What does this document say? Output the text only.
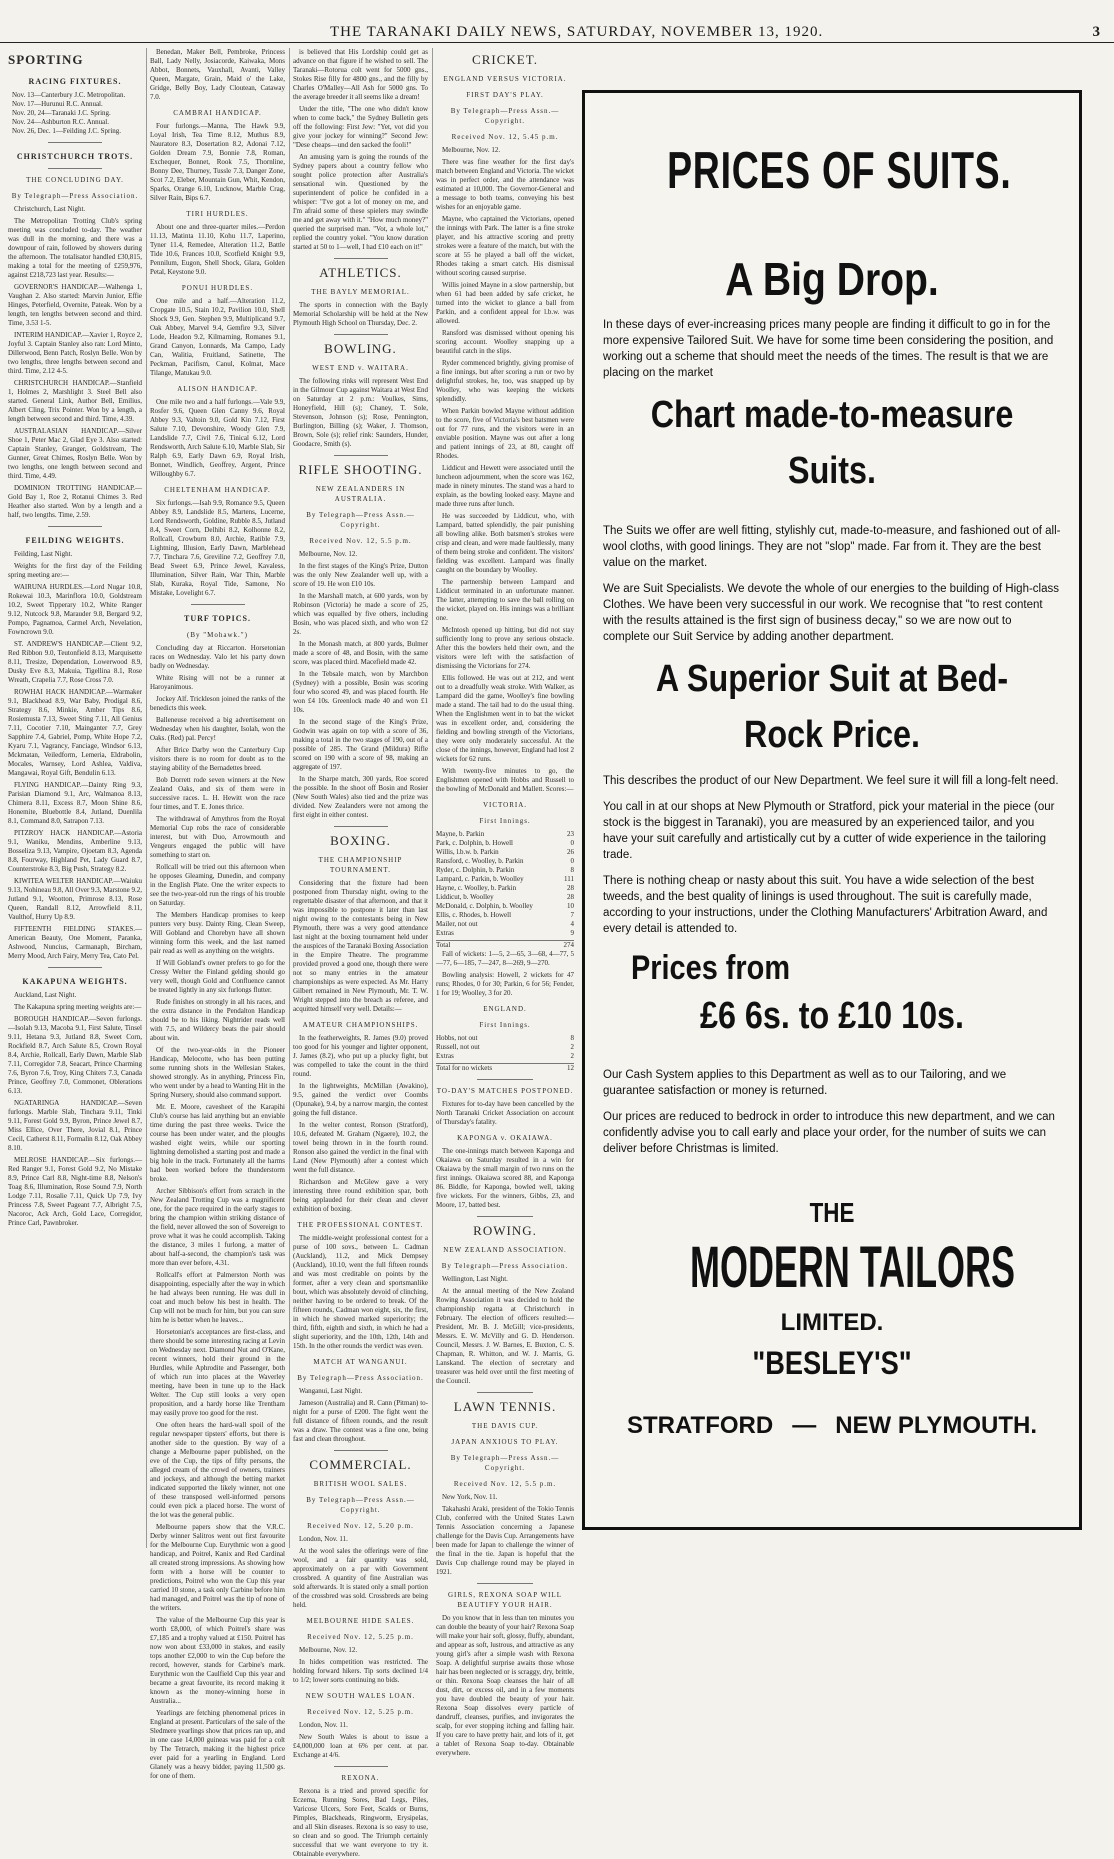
THE TARANAKI DAILY NEWS, SATURDAY, NOVEMBER 13, 1920.	3
SPORTING
RACING FIXTURES.
Nov. 13—Canterbury J.C. Metropolitan.
Nov. 17—Hurunui R.C. Annual.
Nov. 20, 24—Taranaki J.C. Spring.
Nov. 24—Ashburton R.C. Annual.
Nov. 26, Dec. 1—Feilding J.C. Spring.
CHRISTCHURCH TROTS.
THE CONCLUDING DAY.
By Telegraph—Press Association.

Christchurch, Last Night.

The Metropolitan Trotting Club's spring meeting was concluded to-day. The weather was dull in the morning, and there was a downpour of rain, followed by showers during the afternoon. The totalisator handled £30,815, making a total for the meeting of £259,976, against £218,723 last year. Results:—

GOVERNOR'S HANDICAP.—Walhenga 1, Vaughan 2. Also started: Marvin Junior, Effie Hinges, Peterfield, Overnite, Pateak. Won by a length, ten lengths between second and third. Time, 3.53 1-5.

INTERIM HANDICAP.—Xavier 1, Royce 2, Joyful 3. Captain Stanley also ran: Lord Minto, Dillerwood, Benn Patch, Roslyn Belle. Won by two lengths, three lengths between second and third. Time, 2.12 4-5.

CHRISTCHURCH HANDICAP.—Stanfield 1, Holmes 2, Marshlight 3. Steel Bell also started. General Link, Author Bell, Emilius, Albert Cling, Trix Pointer. Won by a length, a length between second and third. Time, 4.39.

AUSTRALASIAN HANDICAP.—Silver Shoe 1, Peter Mac 2, Glad Eye 3. Also started: Captain Stanley, Granger, Goldstream, The Gunner, Great Chimes, Roslyn Belle. Won by two lengths, one length between second and third. Time, 4.49.

DOMINION TROTTING HANDICAP.—Gold Bay 1, Roe 2, Rotanui Chimes 3. Red Heather also started. Won by a length and a half, two lengths. Time, 2.59.

FEILDING WEIGHTS.

Feilding, Last Night.

Weights for the first day of the Feilding spring meeting are:—

WAIRUNA HURDLES.—Lord Nugar 10.8, Rokewai 10.3, Marinflora 10.0, Goldstream 10.2, Sweet Tipperary 10.2, White Ranger 9.12, Nutcock 9.8, Marauder 9.8, Bergard 9.2, Pompo, Pagnamoa, Carmel Arch, Nevelation, Fowncrown 9.0.

ST. ANDREW'S HANDICAP.—Client 9.2, Red Ribbon 9.0, Teutonfield 8.13, Marquisette 8.11, Tresize, Dependation, Lowerwood 8.9, Dusky Eve 8.3, Makuia, Tigellina 8.1, Rose Wreath, Crapelia 7.7, Rose Cross 7.0.

ROWHAI HACK HANDICAP.—Warmaker 9.1, Blackhead 8.9, War Baby, Prodigal 8.6, Strategy 8.6, Minkie, Amber Tips 8.6, Rosiemusta 7.13, Sweet Sting 7.11, All Genius 7.11, Cocotier 7.10, Mainganter 7.7, Grey Sapphire 7.4, Gabriel, Pomp, White Hope 7.2, Kyaru 7.1, Vagrancy, Fanciage, Windsor 6.13, Mckmatan, Veiledform, Lemeria, Eldrabolin, Mocales, Warnsey, Lord Ashlea, Valdiva, Mangawai, Royal Gift, Bendulin 6.13.

FLYING HANDICAP.—Dainty Ring 9.3, Parisian Diamond 9.1, Arc, Walmanoa 8.13, Chimera 8.11, Excess 8.7, Moon Shine 8.6, Honemite, Bluebottle 8.4, Jutland, Duenlila 8.1, Command 8.0, Satrapon 7.13.

PITZROY HACK HANDICAP.—Astoria 9.1, Waniku, Mendins, Amberline 9.13, Bosseliza 9.13, Vampire, Ojoetam 8.3, Agenda 8.8, Fourway, Highland Pet, Lady Guard 8.7, Counterstroke 8.3, Big Push, Strategy 8.2.

KIWITEA WELTER HANDICAP.—Waiuku 9.13, Nohineau 9.8, All Over 9.3, Marstone 9.2, Jutland 9.1, Wootton, Primrose 8.13, Rose Queen, Randall 8.12, Arrowfield 8.11, Vaulthof, Hurry Up 8.9.

FIFTEENTH FIELDING STAKES.—American Beauty, One Moment, Paranka, Ashwood, Nuncius, Carmanaph, Bircham, Merry Mood, Arch Fairy, Merry Tea, Cato Pel.

KAKAPUNA WEIGHTS.

Auckland, Last Night.

The Kakapuna spring meeting weights are:—

BOROUGH HANDICAP.—Seven furlongs.—Isolah 9.13, Macoba 9.1, First Salute, Tinsel 9.11, Hetana 9.3, Jutland 8.8, Sweet Corn, Rockfield 8.7, Arch Salute 8.5, Crown Royal 8.4, Archie, Rollcall, Early Dawn, Marble Slab 7.11, Corregidor 7.8, Seacart, Prince Charming 7.6, Byron 7.6, Troy, King Chiters 7.3, Canada Prince, Geoffrey 7.0, Commonet, Oblerations 6.13.

NGATARINGA HANDICAP.—Seven furlongs. Marble Slab, Tinchara 9.11, Tinki 9.11, Forest Gold 9.9, Byron, Prince Jewel 8.7, Miss Ellice, Over There, Jovial 8.1, Prince Cecil, Catherst 8.11, Formalin 8.12, Oak Abbey 8.10.

MELROSE HANDICAP.—Six furlongs.—Red Ranger 9.1, Forest Gold 9.2, No Mistake 8.9, Prince Carl 8.8, Night-time 8.8, Nelson's Toag 8.6, Illumination, Rose Sound 7.9, North Lodge 7.11, Rosalie 7.11, Quick Up 7.9, Ivy Princess 7.8, Sweet Pageant 7.7, Albright 7.5, Nacoroc, Ack Arch, Gold Lace, Corregidor, Prince Carl, Pawnbroker.

Benedan, Maker Bell, Pembroke, Princess Ball, Lady Nelly, Josiacorde, Kaiwaka, Mons Abbot, Bonnets, Vauxhall, Avanti, Valley Queen, Margate, Grain, Maid o' the Lake, Gridge, Belly Boy, Lady Cloutean, Cataway 7.0.

CAMBRAI HANDICAP.

Four furlongs.—Manna, The Hawk 9.9, Loyal Irish, Tea Time 8.12, Muthus 8.9, Nauratore 8.3, Dosertation 8.2, Adonai 7.12, Golden Dream 7.9, Bonnie 7.8, Roman, Exchequer, Bonnet, Rook 7.5, Thornline, Bonny Dee, Thurney, Tussle 7.3, Danger Zone, Scot 7.2, Eleber, Mountain Gun, Whit, Kendon, Sparks, Orange 6.10, Lucknow, Marble Crag, Silver Rain, Bips 6.7.

TIRI HURDLES.

About one and three-quarter miles.—Perdon 11.13, Matinta 11.10, Kohu 11.7, Laperino, Tyner 11.4, Remedee, Alteration 11.2, Battle Tide 10.6, Frances 10.0, Scotfield Knight 9.9, Pennilum, Eugon, Shell Shock, Glara, Golden Petal, Keystone 9.0.

PONUI HURDLES.

One mile and a half.—Alteration 11.2, Cropgate 10.5, Stain 10.2, Pavilion 10.0, Shell Shock 9.9, Gen. Stephen 9.9, Multiplicand 9.7, Oak Abbey, Marvel 9.4, Gemfire 9.3, Silver Lode, Headon 9.2, Kilmarning, Romanes 9.1, Grand Canyon, Lonnards, Ma Campo, Lady Can, Walitia, Fruitland, Satinette, The Peckman, Pacifism, Canul, Kolmat, Mace Tilange, Matukau 9.0.

ALISON HANDICAP.

One mile two and a half furlongs.—Vale 9.9, Rosfer 9.6, Queen Glen Canny 9.6, Royal Abbey 9.3, Valtoin 9.0, Gold Kin 7.12, First Salute 7.10, Devonshire, Woody Glen 7.9, Landslide 7.7, Civil 7.6, Tinical 6.12, Lord Rendsworth, Arch Salute 6.10, Marble Slab, Sir Ralph 6.9, Early Dawn 6.9, Royal Irish, Bonnet, Windlich, Geoffrey, Argent, Prince Willoughby 6.7.

CHELTENHAM HANDICAP.

Six furlongs.—Isah 9.9, Romance 9.5, Queen Abbey 8.9, Landslide 8.5, Martens, Lucerne, Lord Rendsworth, Goldine, Rubble 8.5, Jutland 8.4, Sweet Corn, Delhibi 8.2, Kolhonne 8.2, Rollcall, Crowburn 8.0, Archie, Ratible 7.9, Lightning, Illusion, Early Dawn, Marblehead 7.7, Tinchara 7.6, Greviline 7.2, Geoffrey 7.0, Bead Sweet 6.9, Prince Jewel, Kavaless, Illumination, Silver Rain, War Thin, Marble Slab, Kuraka, Royal Tide, Samone, No Mistake, Lovelight 6.7.

TURF TOPICS.
(By "Mohawk.")

Concluding day at Riccarton. Horsetonian races on Wednesday. Valo let his party down badly on Wednesday.

White Rising will not be a runner at Haroyanimous.

Jockey Alf. Trickleson joined the ranks of the benedicts this week.

Balleneuse received a big advertisement on Wednesday when his daughter, Isolah, won the Oaks. (Red) pal. Percy!

After Brice Darby won the Canterbury Cup visitors there is no room for doubt as to the staying ability of the Bernadettes breed.

Bob Dorrett rode seven winners at the New Zealand Oaks, and six of them were in successive races. L. H. Hewitt won the race four times, and T. E. Jones thrice.

The withdrawal of Amythros from the Royal Memorial Cup robs the race of considerable interest, but with Duo, Arrowmouth and Vengeurs engaged the public will have something to start on.

Rollcall will be tried out this afternoon when he opposes Gleaming, Dunedin, and company in the English Plate. One the writer expects to see the two-year-old run the rings of his trouble on Saturday.

The Members Handicap promises to keep punters very busy. Dainty Ring, Clean Sweep, Will Gobland and Chorebyn have all shown winning form this week, and the last named pair read as well as anything on the weights.

If Will Gobland's owner prefers to go for the Cressy Welter the Finland gelding should go very well, though Gold and Confluence cannot be treated lightly in any six furlongs flutter.

Rude finishes on strongly in all his races, and the extra distance in the Pendalton Handicap should be to his liking. Nightrider reads well with 7.5, and Wildercy beats the pair should about win.

Of the two-year-olds in the Pioneer Handicap, Melocotte, who has been putting some running shots in the Wellesian Stakes, showed strongly. As in anything, Princess Fin, who went under by a head to Wanting Hit in the Spring Nursery, should also command support.

Mr. E. Moore, cavesheet of the Karapihi Club's course has laid anything but an enviable time during the past three weeks. Twice the course has been under water, and the ploughs washed eight weirs, while our sporting lightning demolished a starting post and made a big hole in the track. Fortunately all the harms had been worked before the thunderstorm broke.

Archer Sibbison's effort from scratch in the New Zealand Trotting Cup was a magnificent one, for the pace required in the early stages to bring the champion within striking distance of the field, never allowed the son of Sovereign to prove what it was he could accomplish. Taking the distance, 3 miles 1 furlong, a matter of about half-a-second, the champion's task was more than ever before, 4.31.

Rollcall's effort at Palmerston North was disappointing, especially after the way in which he had always been running. He was dull in coat and much below his best in health. The Cup will not be much for him, but you can sure him he is better when he leaves...

Horsetonian's acceptances are first-class, and there should be some interesting racing at Levin on Wednesday next. Diamond Nut and O'Kane, recent winners, hold their ground in the Hurdles, while Aphrodite and Passenger, both of which run into places at the Waverley meeting, have been in tune up to the Hack Welter. The Cup still looks a very open proposition, and a hardy horse like Trentham may easily prove too good for the rest.

One often hears the hard-wall spoil of the regular newspaper tipsters' efforts, but there is another side to the question. By way of a change a Melbourne paper published, on the eve of the Cup, the tips of fifty persons, the alleged cream of the crowd of owners, trainers and jockeys, and although the betting market indicated supported the likely winner, not one of these transposed well-informed persons could even pick a placed horse. The worst of the lot was the general public.

Melbourne papers show that the V.R.C. Derby winner Salitros went out first favourite for the Melbourne Cup. Eurythmic won a good handicap, and Poitrel, Kanix and Red Cardinal all created strong impressions. As showing how form with a horse will be counter to predictions, Poitrel who won the Cup this year carried 10 stone, a task only Carbine before him had managed, and Poitrel was the tip of none of the writers.

The value of the Melbourne Cup this year is worth £8,000, of which Poitrel's share was £7,185 and a trophy valued at £150. Poitrel has now won about £33,000 in stakes, and easily tops another £2,000 to win the Cup before the record, however, stands for Carbine's mark. Eurythmic won the Caulfield Cup this year and became a great favourite, its record making it known as the money-winning horse in Australia...

Yearlings are fetching phenomenal prices in England at present. Particulars of the sale of the Sledmere yearlings show that prices ran up, and in one case 14,000 guineas was paid for a colt by The Tetrarch, making it the highest price ever paid for a yearling in England. Lord Glanely was a heavy bidder, paying 11,500 gs. for one of them.

is believed that His Lordship could get as advance on that figure if he wished to sell. The Taranaki—Rotorua colt went for 5000 gns., Stokes Rise filly for 4800 gns., and the filly by Charles O'Malley—All Ash for 5000 gns. To the average breeder it all seems like a dream!

Under the title, "The one who didn't know when to come back," the Sydney Bulletin gets off the following: First Jew: "Yet, vot did you give your jockey for winning?" Second Jew: "Dese cheaps—und den sacked the fooli!"

An amusing yarn is going the rounds of the Sydney papers about a country fellow who sought police protection after Australia's sensational win. Questioned by the superintendent of police he confided in a whisper: "I've got a lot of money on me, and I'm afraid some of these spielers may swindle me and get away with it." "How much money?" queried the surprised man. "Vot, a whole lot," replied the country yokel. "You know duration started at 50 to 1—well, I had £10 each on it!"

ATHLETICS.
THE BAYLY MEMORIAL.

The sports in connection with the Bayly Memorial Scholarship will be held at the New Plymouth High School on Thursday, Dec. 2.

BOWLING.
WEST END v. WAITARA.

The following rinks will represent West End in the Gilmour Cup against Waitara at West End on Saturday at 2 p.m.: Voulkes, Sims, Honeyfield, Hill (s); Chaney, T. Sole, Stevenson, Johnson (s); Rose, Pennington, Burlington, Billing (s); Waker, J. Thomson, Brown, Sole (s); relief rink: Saunders, Hunder, Goodacre, Smith (s).

RIFLE SHOOTING.
NEW ZEALANDERS IN AUSTRALIA.
By Telegraph—Press Assn.—Copyright.
Received Nov. 12, 5.5 p.m.

Melbourne, Nov. 12.

In the first stages of the King's Prize, Dutton was the only New Zealander well up, with a score of 19. He won £10 10s.

In the Marshall match, at 600 yards, won by Robinson (Victoria) he made a score of 25, which was equalled by five others, including Bosin, who was placed sixth, and who won £2 2s.

In the Monash match, at 800 yards, Bulmer made a score of 48, and Bosin, with the same score, was placed third. Macefield made 42.

In the Tebsale match, won by Marchbon (Sydney) with a possible, Bosin was scoring four who scored 49, and was placed fourth. He won £4 10s. Greenlock made 40 and won £1 10s.

In the second stage of the King's Prize, Godwin was again on top with a score of 36, making a total in the two stages of 190, out of a possible of 285. The Grand (Mildura) Rifle scored on 190 with a score of 98, making an aggregate of 197.

In the Sharpe match, 300 yards, Roe scored the possible. In the shoot off Bosin and Rosier (New South Wales) also tied and the prize was divided. New Zealanders were not among the first eight in either contest.

BOXING.
THE CHAMPIONSHIP TOURNAMENT.

Considering that the fixture had been postponed from Thursday night, owing to the regrettable disaster of that afternoon, and that it was impossible to postpone it later than last night owing to the contestants being in New Plymouth, there was a very good attendance last night at the boxing tournament held under the auspices of the Taranaki Boxing Association in the Empire Theatre. The programme provided proved a good one, though there were not so many entries in the amateur championships as were expected. As Mr. Harry Gilbert remained in New Plymouth, Mr. T. W. Wright stepped into the breach as referee, and acquitted himself very well. Details:—

AMATEUR CHAMPIONSHIPS.

In the featherweights, R. James (9.0) proved too good for his younger and lighter opponent, J. James (8.2), who put up a plucky fight, but was compelled to take the count in the third round.

In the lightweights, McMillan (Awakino), 9.5, gained the verdict over Coombs (Opunake), 9.4, by a narrow margin, the contest going the full distance.

In the welter contest, Ronson (Stratford), 10.6, defeated M. Graham (Ngaere), 10.2, the towel being thrown in in the fourth round. Ronson also gained the verdict in the final with Land (New Plymouth) after a contest which went the full distance.

Richardson and McGlew gave a very interesting three round exhibition spar, both being applauded for their clean and clever exhibition of boxing.

THE PROFESSIONAL CONTEST.

The middle-weight professional contest for a purse of 100 sovs., between L. Cadman (Auckland), 11.2, and Mick Dempsey (Auckland), 10.10, went the full fifteen rounds and was most creditable on points by the former, after a very clean and sportsmanlike bout, which was absolutely devoid of clinching, neither having to be ordered to break. Of the fifteen rounds, Cadman won eight, six, the first, in which he showed marked superiority; the third, fifth, eighth and sixth, in which he had a slight superiority, and the 10th, 12th, 14th and 15th. In the other rounds the verdict was even.

MATCH AT WANGANUI.
By Telegraph—Press Association.

Wanganui, Last Night.

Jameson (Australia) and R. Cann (Pitman) to-night for a purse of £200. The fight went the full distance of fifteen rounds, and the result was a draw. The contest was a fine one, being fast and clean throughout.

COMMERCIAL.
BRITISH WOOL SALES.
By Telegraph—Press Assn.—Copyright.
Received Nov. 12, 5.20 p.m.

London, Nov. 11.

At the wool sales the offerings were of fine wool, and a fair quantity was sold, approximately on a par with Government crossbred. A quantity of fine Australian was sold afterwards. It is stated only a small portion of the crossbred was sold. Crossbreds are being held.

MELBOURNE HIDE SALES.
Received Nov. 12, 5.25 p.m.

Melbourne, Nov. 12.

In hides competition was restricted. The holding forward hikers. Tip sorts declined 1/4 to 1/2; lower sorts continuing no bids.

NEW SOUTH WALES LOAN.
Received Nov. 12, 5.25 p.m.

London, Nov. 11.

New South Wales is about to issue a £4,000,000 loan at 6% per cent. at par. Exchange at 4/6.

REXONA.

Rexona is a tried and proved specific for Eczema, Running Sores, Bad Legs, Piles, Varicose Ulcers, Sore Feet, Scalds or Burns, Pimples, Blackheads, Ringworm, Erysipelas, and all Skin diseases. Rexona is so easy to use, so clean and so good. The Triumph certainly successful that we want everyone to try it. Obtainable everywhere.

CRICKET.
ENGLAND VERSUS VICTORIA.
FIRST DAY'S PLAY.
By Telegraph—Press Assn.—Copyright.
Received Nov. 12, 5.45 p.m.

Melbourne, Nov. 12.

There was fine weather for the first day's match between England and Victoria. The wicket was in perfect order, and the attendance was estimated at 10,000. The Governor-General and a message to both teams, conveying his best wishes for an enjoyable game.

Mayne, who captained the Victorians, opened the innings with Park. The latter is a fine stroke player, and his attractive scoring and pretty strokes were a feature of the match, but with the score at 55 he played a ball off the wicket, Rhodes taking a smart catch. His dismissal without scoring caused surprise.

Willis joined Mayne in a slow partnership, but when 61 had been added by safe cricket, he turned into the wicket to glance a ball from Parkin, and a confident appeal for l.b.w. was allowed.

Ransford was dismissed without opening his scoring account. Woolley snapping up a beautiful catch in the slips.

Ryder commenced brightly, giving promise of a fine innings, but after scoring a run or two by delightful strokes, he, too, was snapped up by Woolley, who was keeping the wickets splendidly.

When Parkin bowled Mayne without addition to the score, five of Victoria's best batsmen were out for 77 runs, and the visitors were in an enviable position. Mayne was out after a long and patient innings of 23, at 80, caught off Rhodes.

Liddicut and Hewett were associated until the luncheon adjournment, when the score was 162, made in ninety minutes. The stand was a hard to explain, as the bowling looked easy. Mayne and made three runs after lunch.

He was succeeded by Liddicut, who, with Lampard, batted splendidly, the pair punishing all bowling alike. Both batsmen's strokes were crisp and clean, and were made faultlessly, many of them being stroke and confident. The visitors' fielding was excellent. Lampard was finally caught on the boundary by Woolley.

The partnership between Lampard and Liddicut terminated in an unfortunate manner. The latter, attempting to save the ball rolling on the wicket, played on. His innings was a brilliant one.

McIntosh opened up hitting, but did not stay sufficiently long to prove any serious obstacle. After this the bowlers held their own, and the visitors were left with the satisfaction of dismissing the Victorians for 274.

Ellis followed. He was out at 212, and went out to a dreadfully weak stroke. With Walker, as Lampard did the game, Woolley's fine bowling made a stand. The tail had to do the usual thing. When the Englishmen went in to bat the wicket was in excellent order, and, considering the fielding and bowling strength of the Victorians, they were only moderately successful. At the close of the innings, however, England had lost 2 wickets for 62 runs.

With twenty-five minutes to go, the Englishmen opened with Hobbs and Russell to the bowling of McDonald and Mallett. Scores:—

VICTORIA.
First Innings.
Mayne, b. Parkin	23
Park, c. Dolphin, b. Howell	0
Willis, l.b.w. b. Parkin	26
Ransford, c. Woolley, b. Parkin	0
Ryder, c. Dolphin, b. Parkin	8
Lampard, c. Parkin, b. Woolley	111
Hayne, c. Woolley, b. Parkin	28
Liddicut, b. Woolley	28
McDonald, c. Dolphin, b. Woolley	10
Ellis, c. Rhodes, b. Howell	7
Mailer, not out	4
Extras	9
Total	274

Fall of wickets: 1—5, 2—65, 3—68, 4—77, 5—77, 6—185, 7—247, 8—269, 9—270.

Bowling analysis: Howell, 2 wickets for 47 runs; Rhodes, 0 for 30; Parkin, 6 for 56; Fender, 1 for 19; Woolley, 3 for 20.

ENGLAND.
First Innings.
Hobbs, not out	8
Russell, not out	2
Extras	2
Total for no wickets	12
TO-DAY'S MATCHES POSTPONED.

Fixtures for to-day have been cancelled by the North Taranaki Cricket Association on account of Thursday's fatality.

KAPONGA v. OKAIAWA.

The one-innings match between Kaponga and Okaiawa on Saturday resulted in a win for Okaiawa by the small margin of two runs on the first innings. Okaiawa scored 88, and Kaponga 86. Biddle, for Kaponga, bowled well, taking five wickets. For the winners, Gibbs, 23, and Moore, 17, batted best.

ROWING.
NEW ZEALAND ASSOCIATION.
By Telegraph—Press Association.

Wellington, Last Night.

At the annual meeting of the New Zealand Rowing Association it was decided to hold the championship regatta at Christchurch in February. The election of officers resulted:— President, Mr. B. J. McGill; vice-presidents, Messrs. E. W. McVilly and G. D. Henderson. Council, Messrs. J. W. Barnes, E. Buxton, C. S. Chapman, R. Whitton, and W. J. Marris, G. Lanskand. The election of secretary and treasurer was held over until the first meeting of the Council.

LAWN TENNIS.
THE DAVIS CUP.
JAPAN ANXIOUS TO PLAY.
By Telegraph—Press Assn.—Copyright.
Received Nov. 12, 5.5 p.m.

New York, Nov. 11.

Takahashi Araki, president of the Tokio Tennis Club, conferred with the United States Lawn Tennis Association concerning a Japanese challenge for the Davis Cup. Arrangements have been made for Japan to challenge the winner of the final in the tie. Japan is hopeful that the Davis Cup challenge round may be played in 1921.

GIRLS, REXONA SOAP WILL BEAUTIFY YOUR HAIR.

Do you know that in less than ten minutes you can double the beauty of your hair? Rexona Soap will make your hair soft, glossy, fluffy, abundant, and appear as soft, lustrous, and attractive as any young girl's after a simple wash with Rexona Soap. A delightful surprise awaits those whose hair has been neglected or is scraggy, dry, brittle, or thin. Rexona Soap cleanses the hair of all dust, dirt, or excess oil, and in a few moments you have doubled the beauty of your hair. Rexona Soap dissolves every particle of dandruff, cleanses, purifies, and invigorates the scalp, for ever stopping itching and falling hair. If you care to have pretty hair, and lots of it, get a tablet of Rexona Soap to-day. Obtainable everywhere.

PRICES OF SUITS.
A Big Drop.

In these days of ever-increasing prices many people are finding it difficult to go in for the more expensive Tailored Suit. We have for some time been considering the position, and working out a scheme that should meet the needs of the times. The result is that we are placing on the market

Chart made-to-measure
Suits.

The Suits we offer are well fitting, stylishly cut, made-to-measure, and fashioned out of all-wool cloths, with good linings. They are not "slop" made. Far from it. They are the best value on the market.

We are Suit Specialists. We devote the whole of our energies to the building of High-class Clothes. We have been very successful in our work. We recognise that "to rest content with the results attained is the first sign of business decay," so we are now out to complete our Suit Service by adding another department.

A Superior Suit at Bed-
Rock Price.

This describes the product of our New Department. We feel sure it will fill a long-felt need.

You call in at our shops at New Plymouth or Stratford, pick your material in the piece (our stock is the biggest in Taranaki), you are measured by an experienced tailor, and you have your suit carefully and artistically cut by a cutter of wide experience in the tailoring trade.

There is nothing cheap or nasty about this suit. You have a wide selection of the best tweeds, and the best quality of linings is used throughout. The suit is carefully made, according to your instructions, under the Clothing Manufacturers' Arbitration Award, and every detail is attended to.

Prices from
£6 6s. to £10 10s.

Our Cash System applies to this Department as well as to our Tailoring, and we guarantee satisfaction or money is returned.

Our prices are reduced to bedrock in order to introduce this new department, and we can confidently advise you to call early and place your order, for the number of suits we can deliver before Christmas is limited.

THE
MODERN TAILORS
LIMITED.
"BESLEY'S"
STRATFORD — NEW PLYMOUTH.
